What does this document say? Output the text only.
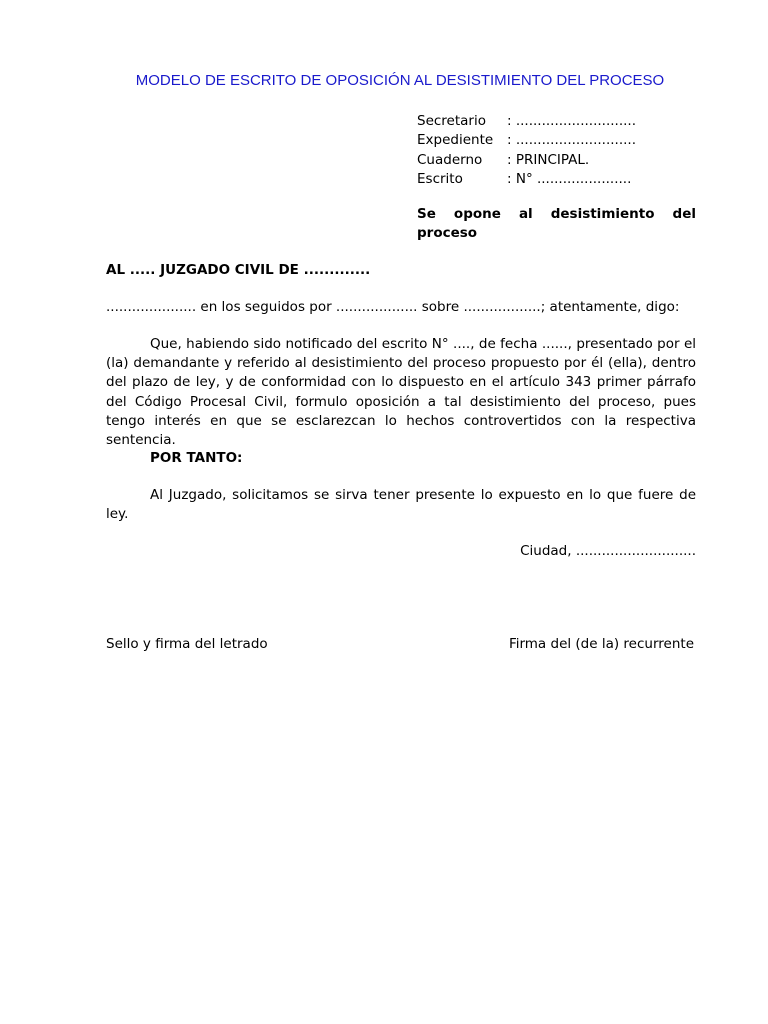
MODELO DE ESCRITO DE OPOSICIÓN AL DESISTIMIENTO DEL PROCESO
Secretario	: ............................
Expediente	: ............................
Cuaderno	: PRINCIPAL.
Escrito	: N° ......................
Se opone al desistimiento del
proceso
AL ..... JUZGADO CIVIL DE .............
..................... en los seguidos por ................... sobre ..................; atentamente, digo:
Que, habiendo sido notificado del escrito N° ...., de fecha ......, presentado por el (la) demandante y referido al desistimiento del proceso propuesto por él (ella), dentro del plazo de ley, y de conformidad con lo dispuesto en el artículo 343 primer párrafo del Código Procesal Civil, formulo oposición a tal desistimiento del proceso, pues tengo interés en que se esclarezcan lo hechos controvertidos con la respectiva sentencia.
POR TANTO:
Al Juzgado, solicitamos se sirva tener presente lo expuesto en lo que fuere de ley.
Ciudad, ............................
Sello y firma del letrado	Firma del (de la) recurrente
